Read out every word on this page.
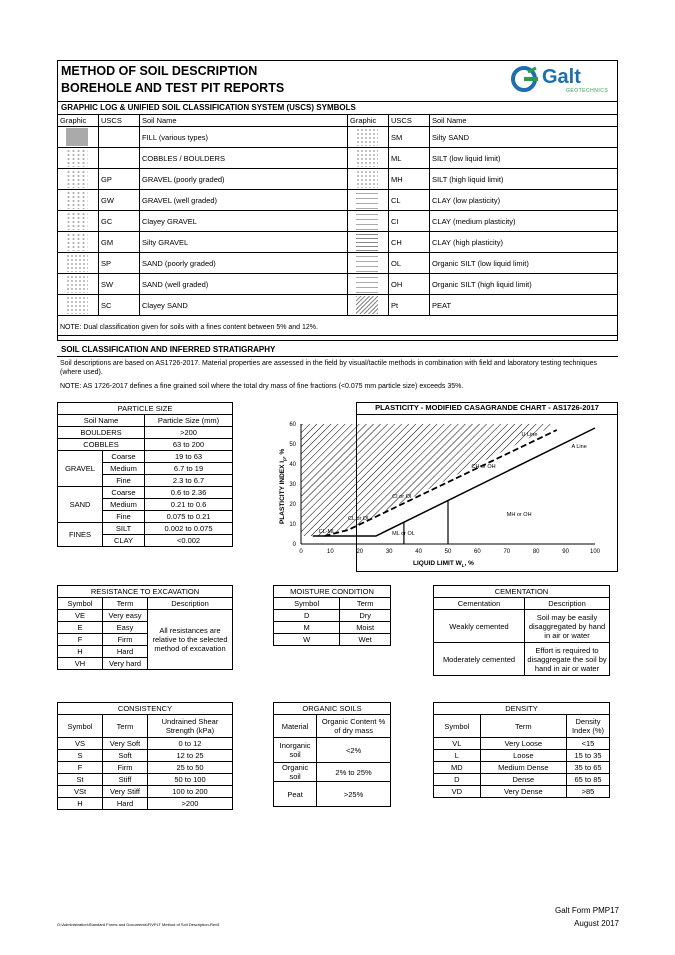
METHOD OF SOIL DESCRIPTION
BOREHOLE AND TEST PIT REPORTS	Galt
GEOTECHNICS
GRAPHIC LOG & UNIFIED SOIL CLASSIFICATION SYSTEM (USCS) SYMBOLS
Graphic	USCS	Soil Name

		FILL (various types)

		COBBLES / BOULDERS

	GP	GRAVEL (poorly graded)

	GW	GRAVEL (well graded)

	GC	Clayey GRAVEL

	GM	Silty GRAVEL

	SP	SAND (poorly graded)

	SW	SAND (well graded)

	SC	Clayey SAND
Graphic	USCS	Soil Name

	SM	Silty SAND

	ML	SILT (low liquid limit)

	MH	SILT (high liquid limit)

	CL	CLAY (low plasticity)

	CI	CLAY (medium plasticity)

	CH	CLAY (high plasticity)

	OL	Organic SILT (low liquid limit)

	OH	Organic SILT (high liquid limit)

	Pt	PEAT
NOTE: Dual classification given for soils with a fines content between 5% and 12%.
SOIL CLASSIFICATION AND INFERRED STRATIGRAPHY
Soil descriptions are based on AS1726-2017. Material properties are assessed in the field by visual/tactile methods in combination with field and laboratory testing techniques (where used).
NOTE: AS 1726-2017 defines a fine grained soil where the total dry mass of fine fractions (<0.075 mm particle size) exceeds 35%.
PARTICLE SIZE		
Soil Name		Particle Size (mm)
BOULDERS		>200
COBBLES		63 to 200
GRAVEL	Coarse	19 to 63
	Medium	6.7 to 19
	Fine	2.3 to 6.7
SAND	Coarse	0.6 to 2.36
	Medium	0.21 to 0.6
	Fine	0.075 to 0.21
FINES	SILT	0.002 to 0.075
	CLAY	<0.002
PLASTICITY - MODIFIED CASAGRANDE CHART - AS1726-2017
0	10	20	30	40	50	60	70	80	90	100
0
10
20
30
40
50
60
U Line
A Line
CH or OH
CI or OI
CL or OL
CL-ML	ML or OL
MH or OH
PLASTICITY INDEX $I_p$, %
LIQUID LIMIT $W_L$, %
RESISTANCE TO EXCAVATION		
Symbol	Term	Description
VE	Very easy	All resistances are relative to the selected method of excavation
E	Easy	
F	Firm	
H	Hard	
VH	Very hard	
MOISTURE CONDITION	
Symbol	Term
D	Dry
M	Moist
W	Wet
CEMENTATION	
Cementation	Description
Weakly cemented	Soil may be easily disaggregated by hand in air or water
Moderately cemented	Effort is required to disaggregate the soil by hand in air or water
CONSISTENCY		
Symbol	Term	Undrained Shear Strength (kPa)
VS	Very Soft	0 to 12
S	Soft	12 to 25
F	Firm	25 to 50
St	Stiff	50 to 100
VSt	Very Stiff	100 to 200
H	Hard	>200
ORGANIC SOILS	
Material	Organic Content % of dry mass
Inorganic soil	<2%
Organic soil	2% to 25%
Peat	>25%
DENSITY		
Symbol	Term	Density Index (%)
VL	Very Loose	<15
L	Loose	15 to 35
MD	Medium Dense	35 to 65
D	Dense	65 to 85
VD	Very Dense	>85
G:\Administration\Standard Forms and Documents\FIVPLT Method of Soil Description-Rev5
Galt Form PMP17
August 2017
